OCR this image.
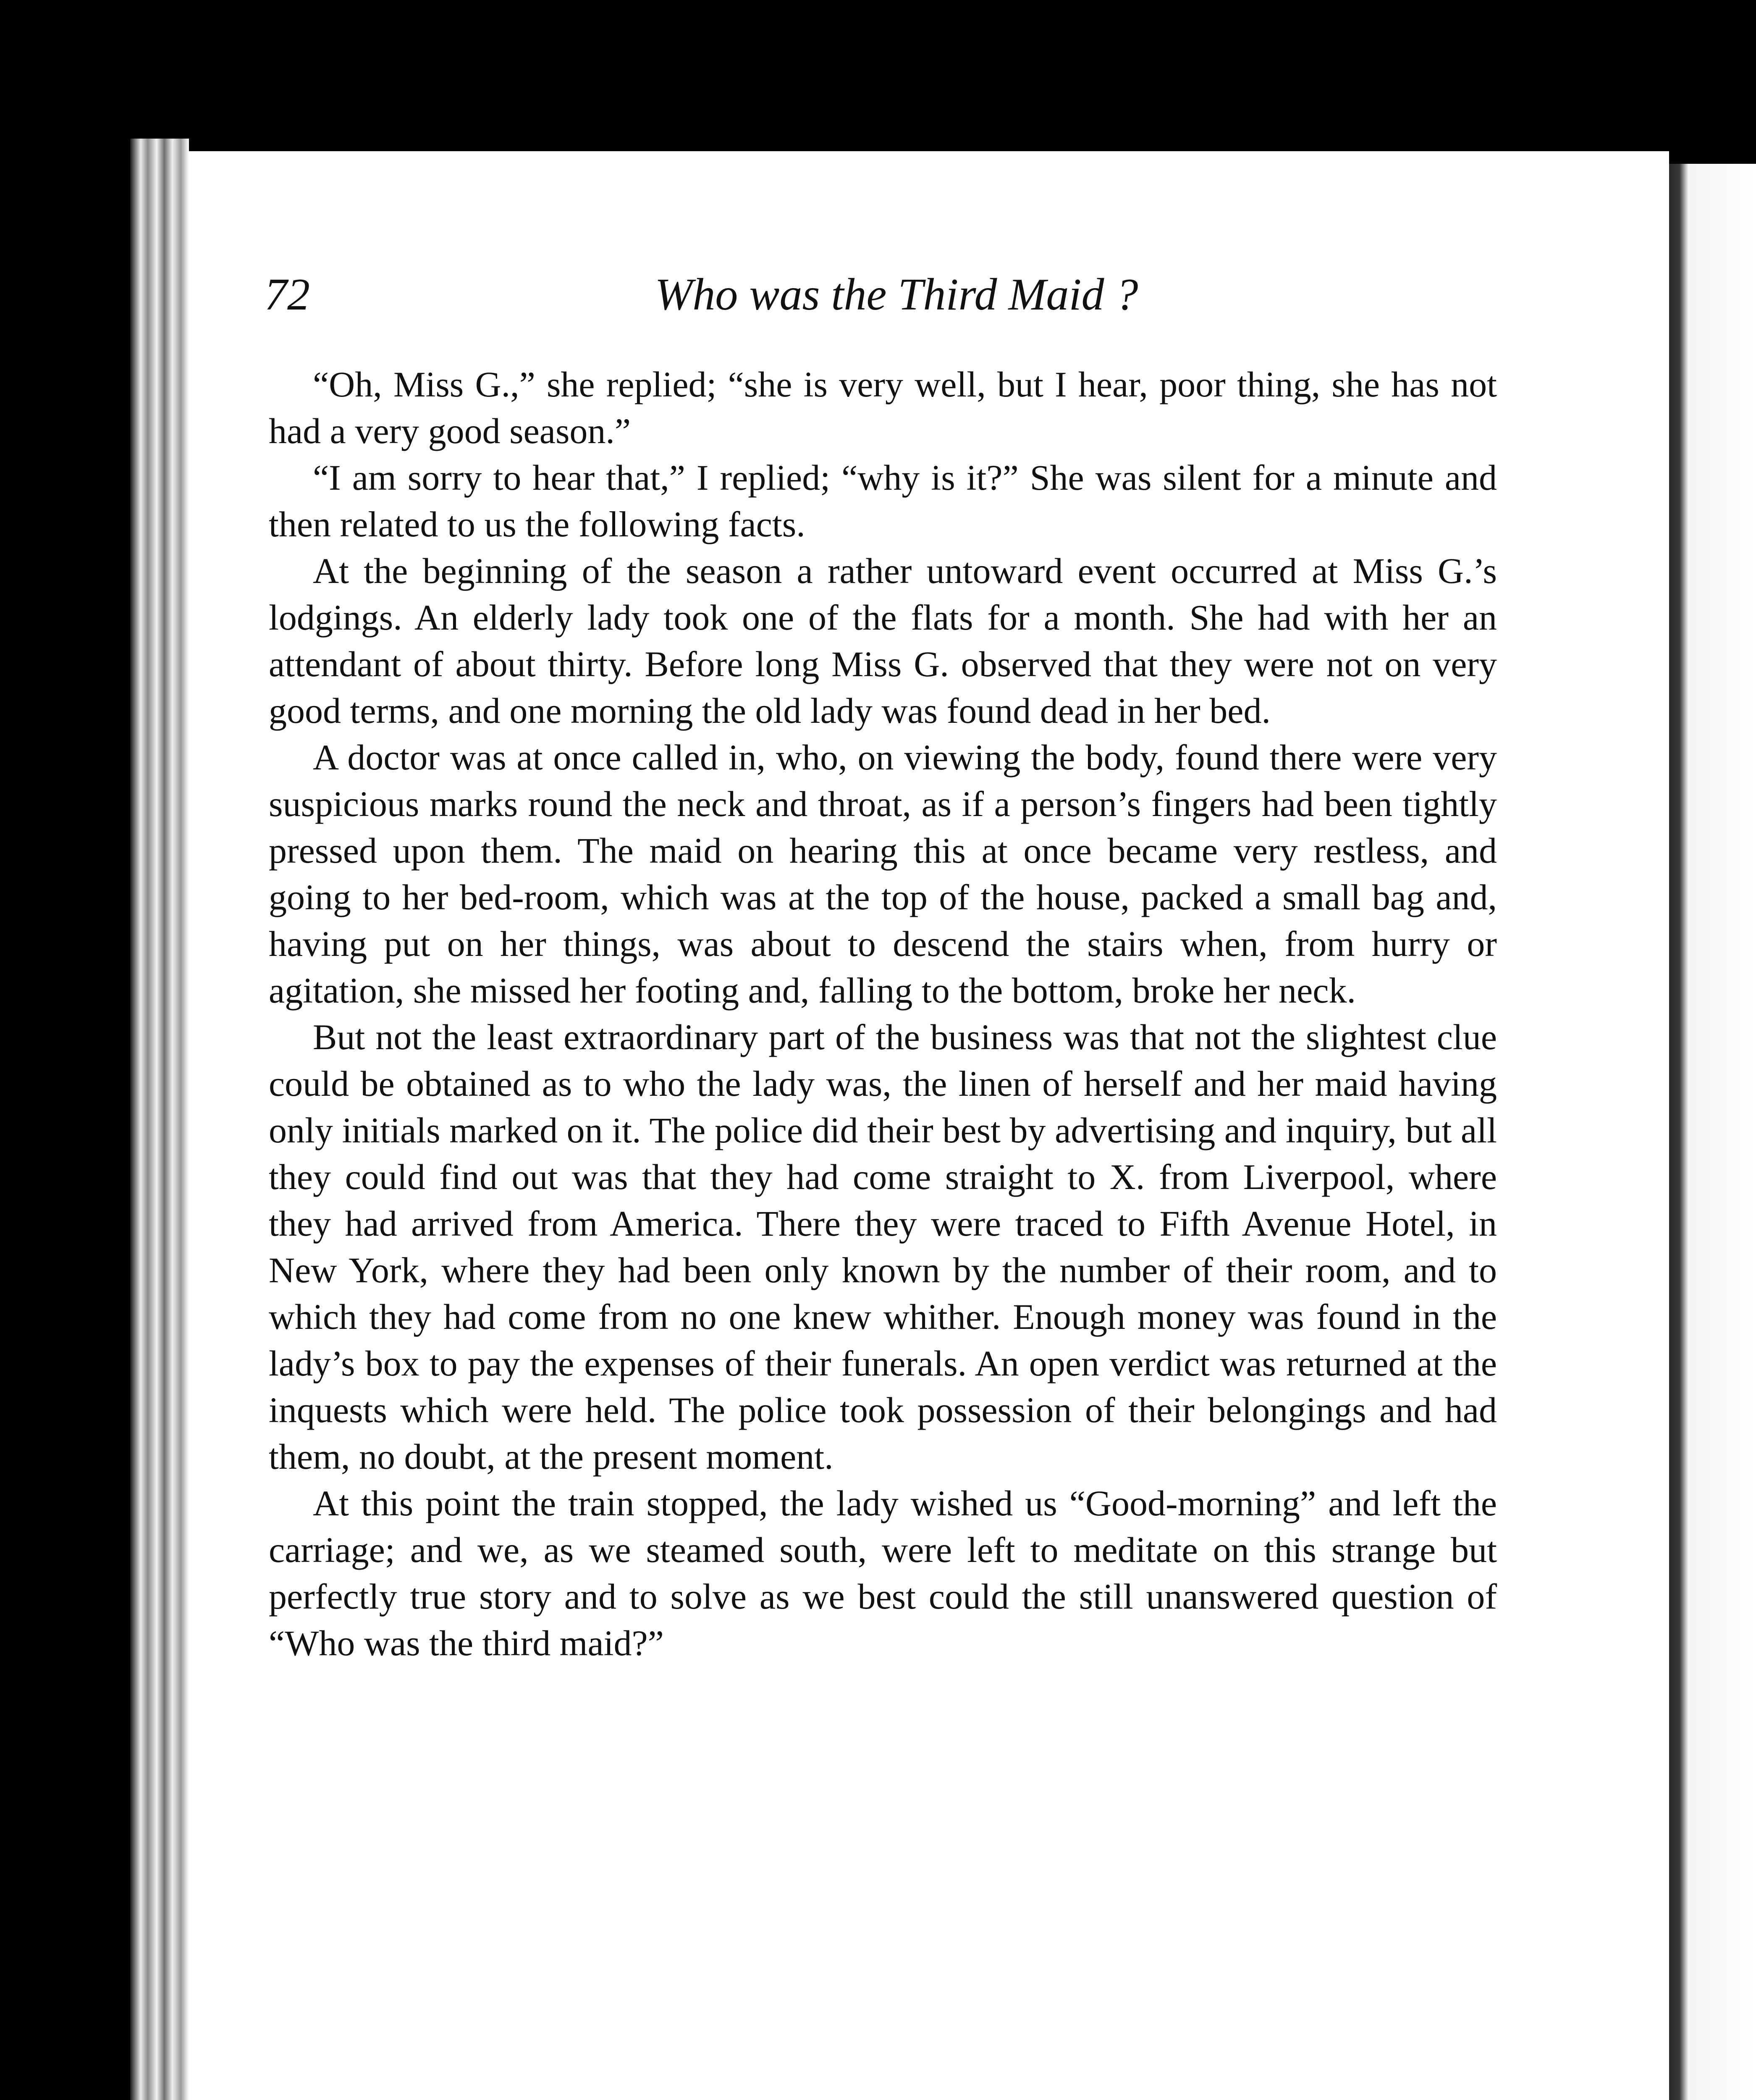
72	Who was the Third Maid ?

“Oh, Miss G.,” she replied; “she is very well, but I hear, poor thing, she has not had a very good season.”

“I am sorry to hear that,” I replied; “why is it?” She was silent for a minute and then related to us the following facts.

At the beginning of the season a rather untoward event occurred at Miss G.’s lodgings. An elderly lady took one of the flats for a month. She had with her an attendant of about thirty. Before long Miss G. observed that they were not on very good terms, and one morning the old lady was found dead in her bed.

A doctor was at once called in, who, on viewing the body, found there were very suspicious marks round the neck and throat, as if a person’s fingers had been tightly pressed upon them. The maid on hearing this at once became very restless, and going to her bed-room, which was at the top of the house, packed a small bag and, having put on her things, was about to descend the stairs when, from hurry or agitation, she missed her footing and, falling to the bottom, broke her neck.

But not the least extraordinary part of the business was that not the slightest clue could be obtained as to who the lady was, the linen of herself and her maid having only initials marked on it. The police did their best by advertising and inquiry, but all they could find out was that they had come straight to X. from Liverpool, where they had arrived from America. There they were traced to Fifth Avenue Hotel, in New York, where they had been only known by the number of their room, and to which they had come from no one knew whither. Enough money was found in the lady’s box to pay the expenses of their funerals. An open verdict was returned at the inquests which were held. The police took possession of their belongings and had them, no doubt, at the present moment.

At this point the train stopped, the lady wished us “Good-morning” and left the carriage; and we, as we steamed south, were left to meditate on this strange but perfectly true story and to solve as we best could the still unanswered question of “Who was the third maid?”
